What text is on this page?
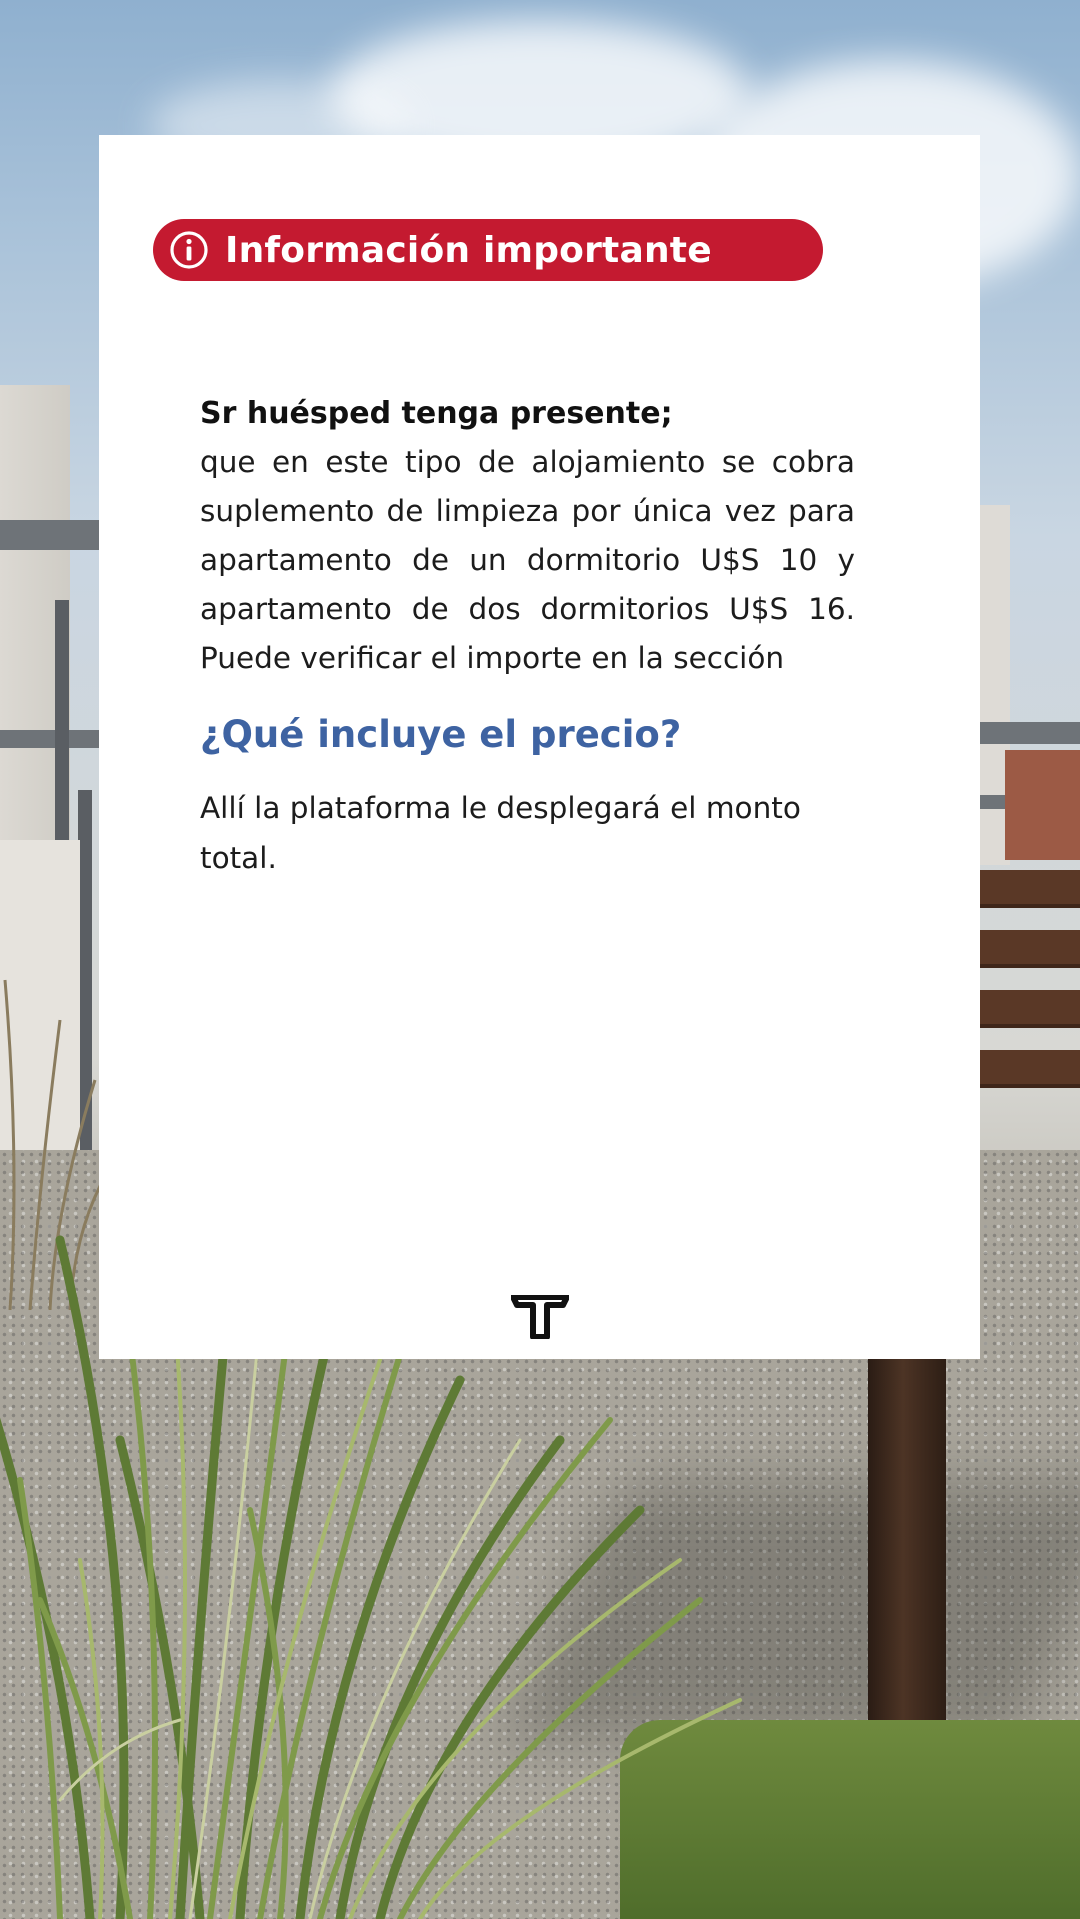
Información importante

Sr huésped tenga presente;

que en este tipo de alojamiento se cobra suplemento de limpieza por única vez para apartamento de un dormitorio U$S 10 y apartamento de dos dormitorios U$S 16. Puede verificar el importe en la sección

¿Qué incluye el precio?

Allí la plataforma le desplegará el monto total.
